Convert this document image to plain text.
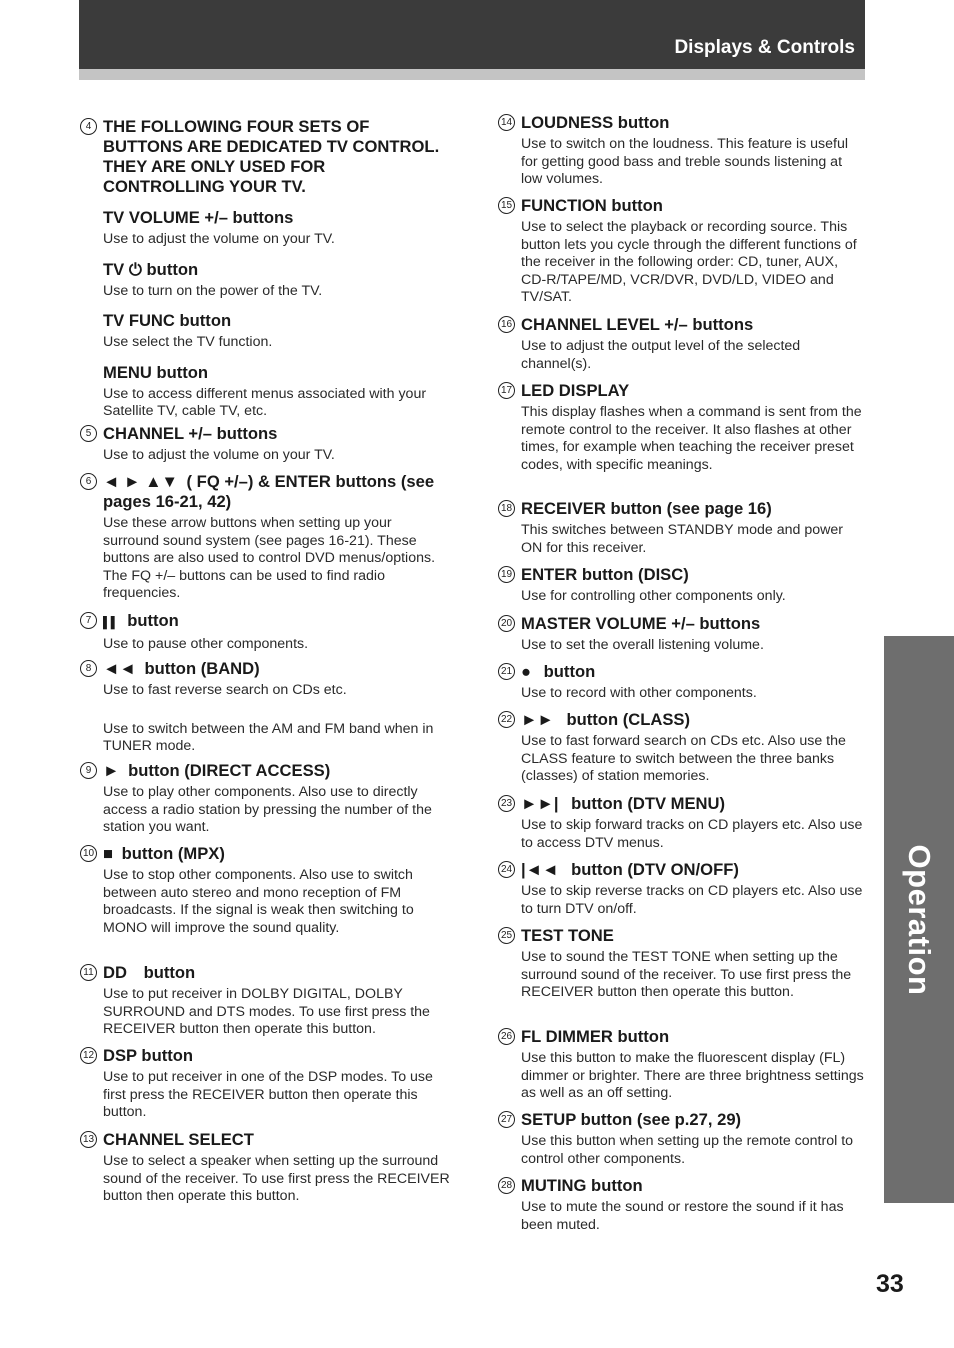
Displays & Controls
Operation
33
4 THE FOLLOWING FOUR SETS OF BUTTONS ARE DEDICATED TV CONTROL. THEY ARE ONLY USED FOR CONTROLLING YOUR TV.
TV VOLUME +/– buttons
Use to adjust the volume on your TV.
TV ⏻ button
Use to turn on the power of the TV.
TV FUNC button
Use select the TV function.
MENU button
Use to access different menus associated with your Satellite TV, cable TV, etc.
5 CHANNEL +/– buttons
Use to adjust the volume on your TV.
6 ◄ ► ▲▼ ( FQ +/–) & ENTER buttons (see pages 16-21, 42)
Use these arrow buttons when setting up your surround sound system (see pages 16-21). These buttons are also used to control DVD menus/options. The FQ +/– buttons can be used to find radio frequencies.
7	▌▌ button
Use to pause other components.
8 ◄◄ button (BAND)
Use to fast reverse search on CDs etc.
Use to switch between the AM and FM band when in TUNER mode.
9 ► button (DIRECT ACCESS)
Use to play other components. Also use to directly access a radio station by pressing the number of the station you want.
10 ■ button (MPX)
Use to stop other components. Also use to switch between auto stereo and mono reception of FM broadcasts. If the signal is weak then switching to MONO will improve the sound quality.
11 DD button
Use to put receiver in DOLBY DIGITAL, DOLBY SURROUND and DTS modes. To use first press the RECEIVER button then operate this button.
12 DSP button
Use to put receiver in one of the DSP modes. To use first press the RECEIVER button then operate this button.
13 CHANNEL SELECT
Use to select a speaker when setting up the surround sound of the receiver. To use first press the RECEIVER button then operate this button.
14 LOUDNESS button
Use to switch on the loudness. This feature is useful for getting good bass and treble sounds listening at low volumes.
15 FUNCTION button
Use to select the playback or recording source. This button lets you cycle through the different functions of the receiver in the following order: CD, tuner, AUX, CD-R/TAPE/MD, VCR/DVR, DVD/LD, VIDEO and TV/SAT.
16 CHANNEL LEVEL +/– buttons
Use to adjust the output level of the selected channel(s).
17 LED DISPLAY
This display flashes when a command is sent from the remote control to the receiver. It also flashes at other times, for example when teaching the receiver preset codes, with specific meanings.
18 RECEIVER button (see page 16)
This switches between STANDBY mode and power ON for this receiver.
19 ENTER button (DISC)
Use for controlling other components only.
20 MASTER VOLUME +/– buttons
Use to set the overall listening volume.
21 ● button
Use to record with other components.
22 ►► button (CLASS)
Use to fast forward search on CDs etc. Also use the CLASS feature to switch between the three banks (classes) of station memories.
23 ►►| button (DTV MENU)
Use to skip forward tracks on CD players etc. Also use to access DTV menus.
24 |◄◄ button (DTV ON/OFF)
Use to skip reverse tracks on CD players etc. Also use to turn DTV on/off.
25 TEST TONE
Use to sound the TEST TONE when setting up the surround sound of the receiver. To use first press the RECEIVER button then operate this button.
26 FL DIMMER button
Use this button to make the fluorescent display (FL) dimmer or brighter. There are three brightness settings as well as an off setting.
27 SETUP button (see p.27, 29)
Use this button when setting up the remote control to control other components.
28 MUTING button
Use to mute the sound or restore the sound if it has been muted.
